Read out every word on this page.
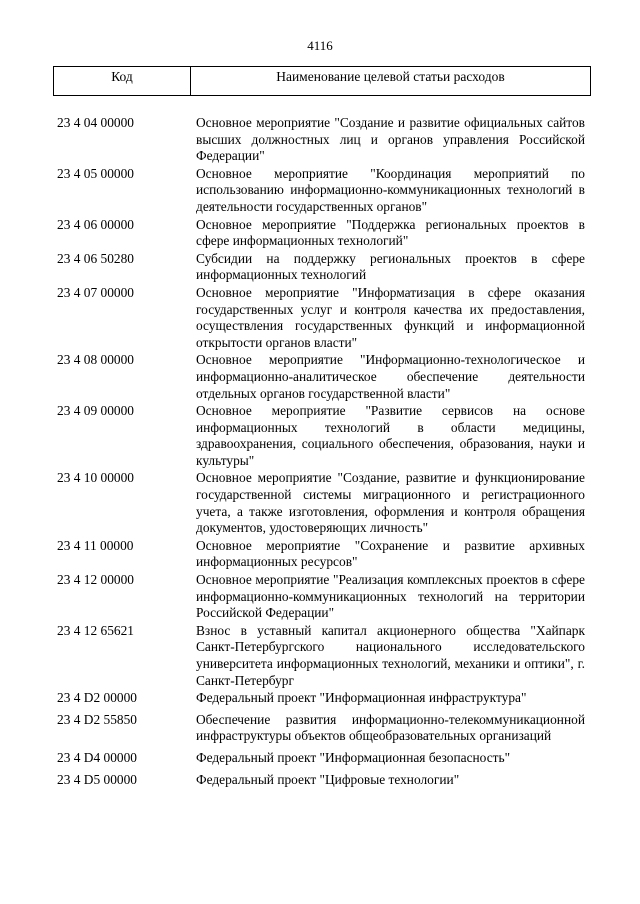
4116
Код	Наименование целевой статьи расходов
23 4 04 00000	Основное мероприятие "Создание и развитие официальных сайтов высших должностных лиц и органов управления Российской Федерации"
23 4 05 00000	Основное мероприятие "Координация мероприятий по использованию информационно-коммуникационных технологий в деятельности государственных органов"
23 4 06 00000	Основное мероприятие "Поддержка региональных проектов в сфере информационных технологий"
23 4 06 50280	Субсидии на поддержку региональных проектов в сфере информационных технологий
23 4 07 00000	Основное мероприятие "Информатизация в сфере оказания государственных услуг и контроля качества их предоставления, осуществления государственных функций и информационной открытости органов власти"
23 4 08 00000	Основное мероприятие "Информационно-технологическое и информационно-аналитическое обеспечение деятельности отдельных органов государственной власти"
23 4 09 00000	Основное мероприятие "Развитие сервисов на основе информационных технологий в области медицины, здравоохранения, социального обеспечения, образования, науки и культуры"
23 4 10 00000	Основное мероприятие "Создание, развитие и функционирование государственной системы миграционного и регистрационного учета, а также изготовления, оформления и контроля обращения документов, удостоверяющих личность"
23 4 11 00000	Основное мероприятие "Сохранение и развитие архивных информационных ресурсов"
23 4 12 00000	Основное мероприятие "Реализация комплексных проектов в сфере информационно-коммуникационных технологий на территории Российской Федерации"
23 4 12 65621	Взнос в уставный капитал акционерного общества "Хайпарк Санкт-Петербургского национального исследовательского университета информационных технологий, механики и оптики", г. Санкт-Петербург
23 4 D2 00000	Федеральный проект "Информационная инфраструктура"
23 4 D2 55850	Обеспечение развития информационно-телекоммуникационной инфраструктуры объектов общеобразовательных организаций
23 4 D4 00000	Федеральный проект "Информационная безопасность"
23 4 D5 00000	Федеральный проект "Цифровые технологии"
